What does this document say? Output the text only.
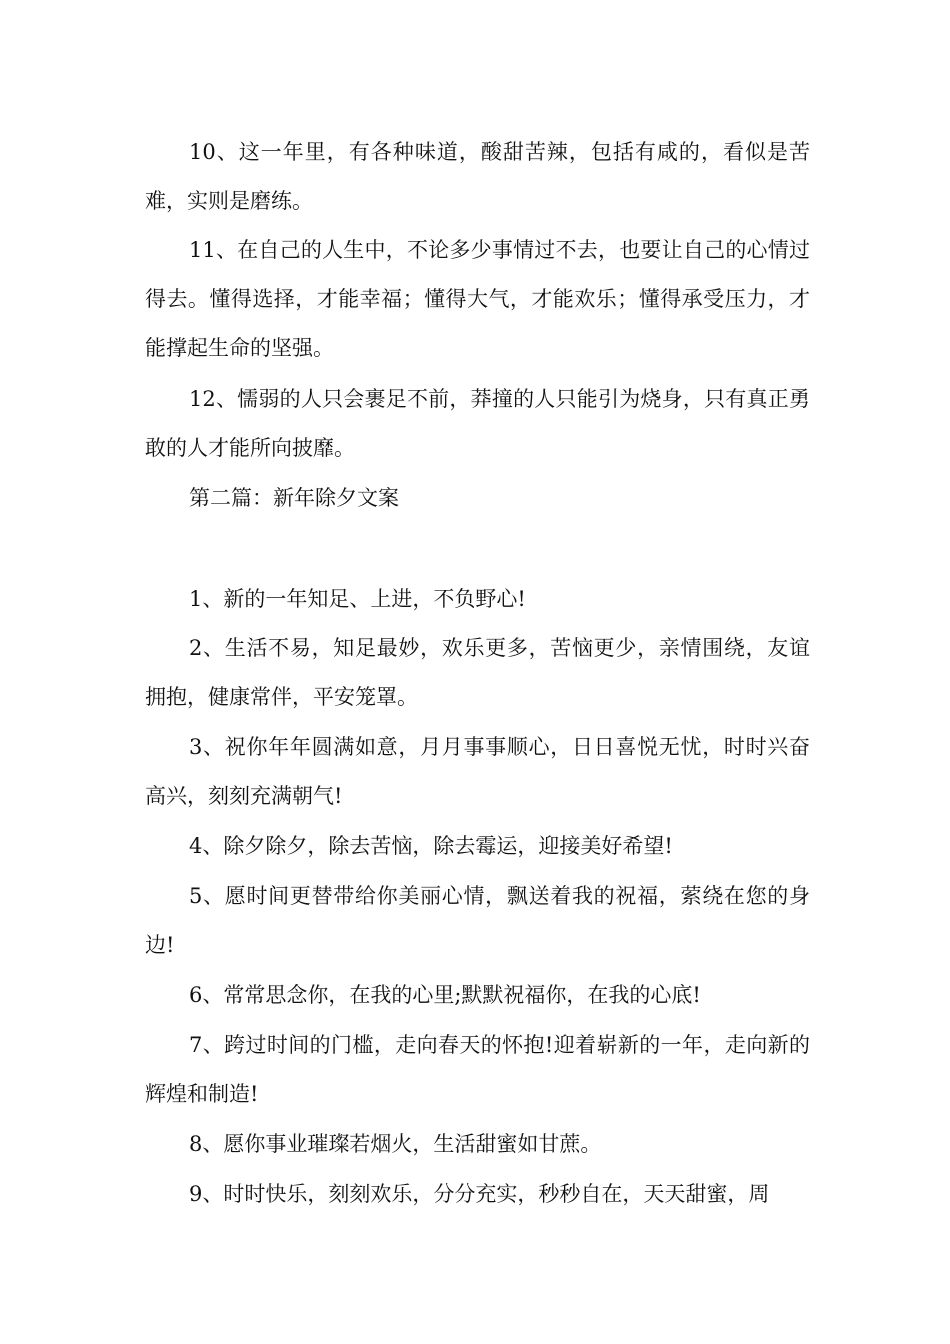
10、这一年里，有各种味道，酸甜苦辣，包括有咸的，看似是苦难，实则是磨练。

11、在自己的人生中，不论多少事情过不去，也要让自己的心情过得去。懂得选择，才能幸福；懂得大气，才能欢乐；懂得承受压力，才能撑起生命的坚强。

12、懦弱的人只会裹足不前，莽撞的人只能引为烧身，只有真正勇敢的人才能所向披靡。

第二篇：新年除夕文案

1、新的一年知足、上进，不负野心!

2、生活不易，知足最妙，欢乐更多，苦恼更少，亲情围绕，友谊拥抱，健康常伴，平安笼罩。

3、祝你年年圆满如意，月月事事顺心，日日喜悦无忧，时时兴奋高兴，刻刻充满朝气!

4、除夕除夕，除去苦恼，除去霉运，迎接美好希望!

5、愿时间更替带给你美丽心情，飘送着我的祝福，萦绕在您的身边!

6、常常思念你，在我的心里;默默祝福你，在我的心底!

7、跨过时间的门槛，走向春天的怀抱!迎着崭新的一年，走向新的辉煌和制造!

8、愿你事业璀璨若烟火，生活甜蜜如甘蔗。

9、时时快乐，刻刻欢乐，分分充实，秒秒自在，天天甜蜜，周
